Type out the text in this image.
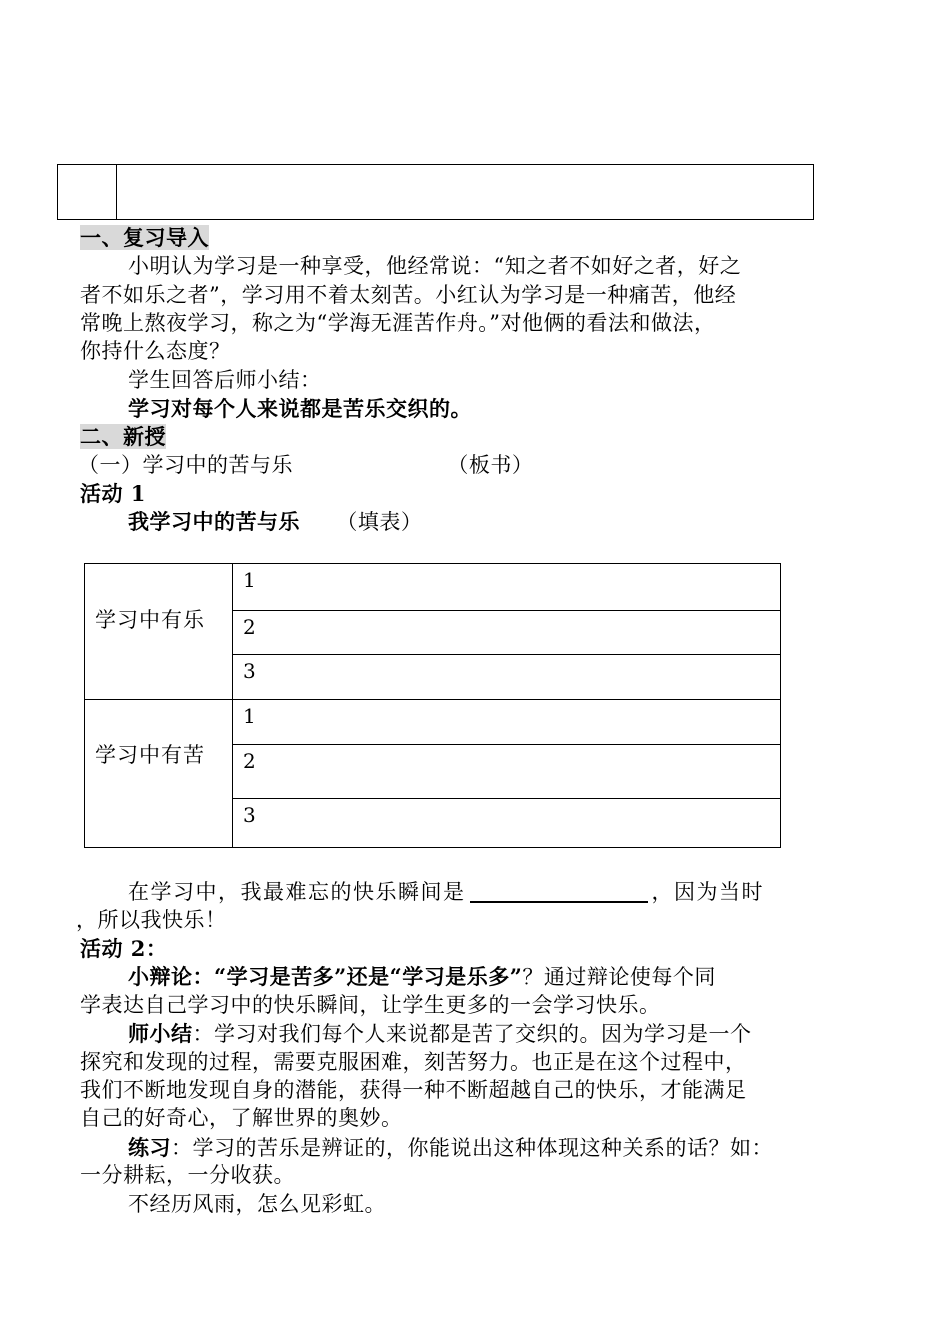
一、复习导入
小明认为学习是一种享受，他经常说：“知之者不如好之者，好之
者不如乐之者”，学习用不着太刻苦。小红认为学习是一种痛苦，他经
常晚上熬夜学习，称之为“学海无涯苦作舟。”对他俩的看法和做法，
你持什么态度？
学生回答后师小结：
学习对每个人来说都是苦乐交织的。
二、新授
（一）学习中的苦与乐	（板书）
活动 1
我学习中的苦与乐 （填表）
学习中有乐
学习中有苦
1
2
3
1
2
3
在学习中，我最难忘的快乐瞬间是	，因为当时
，所以我快乐！
活动 2：
小辩论：“学习是苦多”还是“学习是乐多”？通过辩论使每个同
学表达自己学习中的快乐瞬间，让学生更多的一会学习快乐。
师小结：学习对我们每个人来说都是苦了交织的。因为学习是一个
探究和发现的过程，需要克服困难，刻苦努力。也正是在这个过程中，
我们不断地发现自身的潜能，获得一种不断超越自己的快乐，才能满足
自己的好奇心，了解世界的奥妙。
练习：学习的苦乐是辨证的，你能说出这种体现这种关系的话？如：
一分耕耘，一分收获。
不经历风雨，怎么见彩虹。
